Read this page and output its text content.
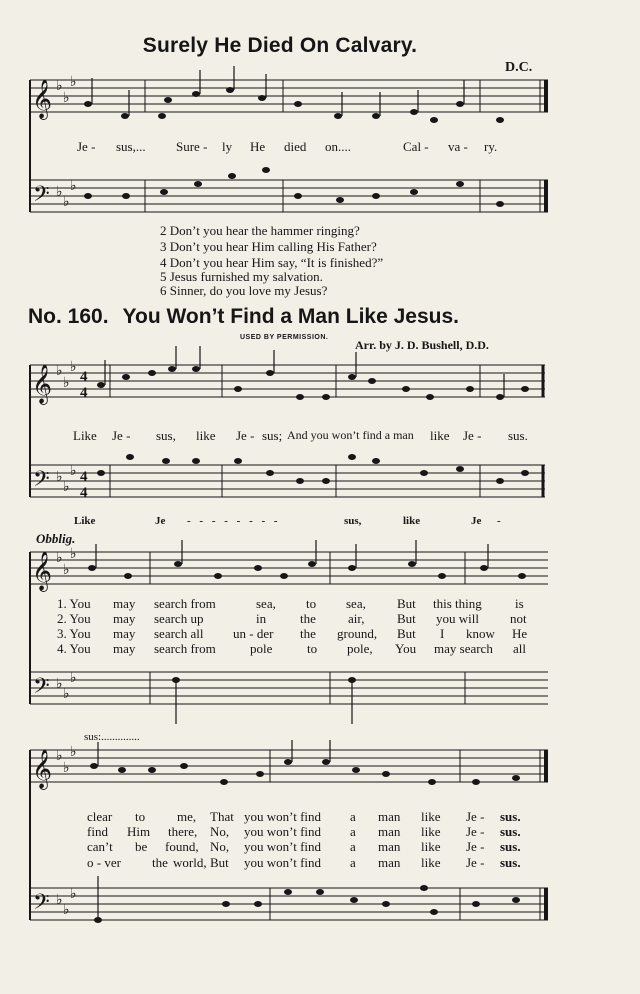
Surely He Died On Calvary.
D.C.
𝄞
𝄢
𝄞
𝄢
𝄞
𝄢
𝄞
𝄢
♭
♭
♭
♭
♭
♭
♭
♭
♭
♭
♭
♭
♭
♭
♭
♭
♭
♭
♭
♭
♭
♭
♭
♭
4
4
4
4
Je - sus,... Sure - ly He died on....	Cal - va - ry.
2 Don’t you hear the hammer ringing?
3 Don’t you hear Him calling His Father?
4 Don’t you hear Him say, “It is finished?”
5 Jesus furnished my salvation.
6 Sinner, do you love my Jesus?
No. 160. You Won’t Find a Man Like Jesus.
USED BY PERMISSION.
Arr. by J. D. Bushell, D.D.
Like Je - sus, like Je - sus; And you won’t find a man like Je - sus.
Like	Je - - - - - - - -	sus,	like	Je -
Obblig.
1. You may search from	sea, to sea, But this thing	is
2. You may search up	in	the air,	But you will not
3. You may search all un - der the ground, But I know He
4. You may search from	pole	to pole, You may search all
sus:..............
clear to me, That you won’t find a man like Je - sus.
find Him there, No, you won’t find a man like Je - sus.
can’t be found, No, you won’t find a man like Je - sus.
o - ver the world, But you won’t find a man like Je - sus.
